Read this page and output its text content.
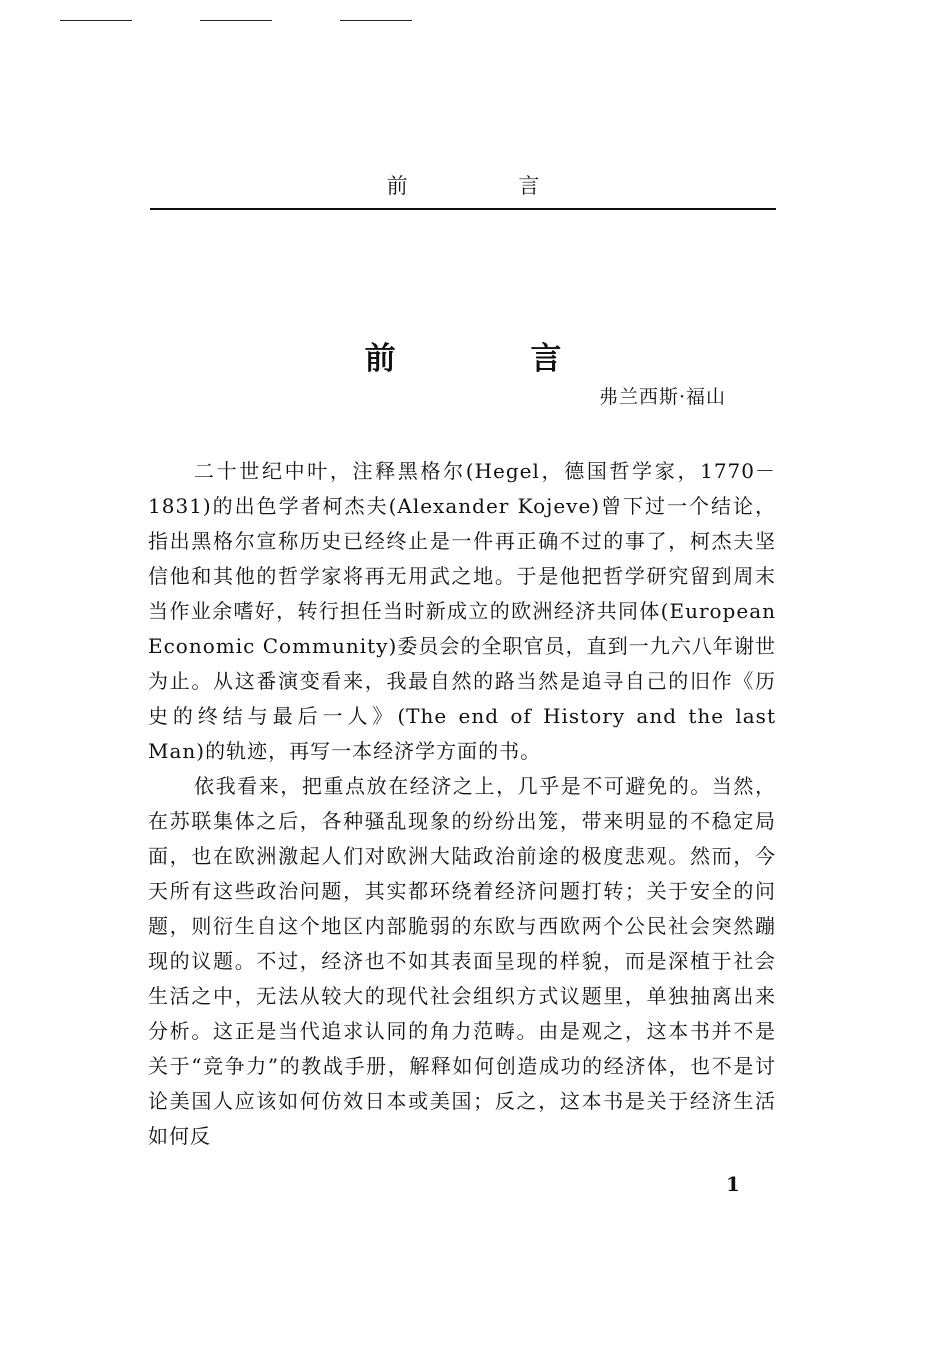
前 言
前 言
弗兰西斯·福山

二十世纪中叶，注释黑格尔(Hegel，德国哲学家，1770－1831)的出色学者柯杰夫(Alexander Kojeve)曾下过一个结论，指出黑格尔宣称历史已经终止是一件再正确不过的事了，柯杰夫坚信他和其他的哲学家将再无用武之地。于是他把哲学研究留到周末当作业余嗜好，转行担任当时新成立的欧洲经济共同体(European Economic Community)委员会的全职官员，直到一九六八年谢世为止。从这番演变看来，我最自然的路当然是追寻自己的旧作《历史的终结与最后一人》(The end of History and the last Man)的轨迹，再写一本经济学方面的书。

依我看来，把重点放在经济之上，几乎是不可避免的。当然，在苏联集体之后，各种骚乱现象的纷纷出笼，带来明显的不稳定局面，也在欧洲激起人们对欧洲大陆政治前途的极度悲观。然而，今天所有这些政治问题，其实都环绕着经济问题打转；关于安全的问题，则衍生自这个地区内部脆弱的东欧与西欧两个公民社会突然蹦现的议题。不过，经济也不如其表面呈现的样貌，而是深植于社会生活之中，无法从较大的现代社会组织方式议题里，单独抽离出来分析。这正是当代追求认同的角力范畴。由是观之，这本书并不是关于“竞争力”的教战手册，解释如何创造成功的经济体，也不是讨论美国人应该如何仿效日本或美国；反之，这本书是关于经济生活如何反

1
